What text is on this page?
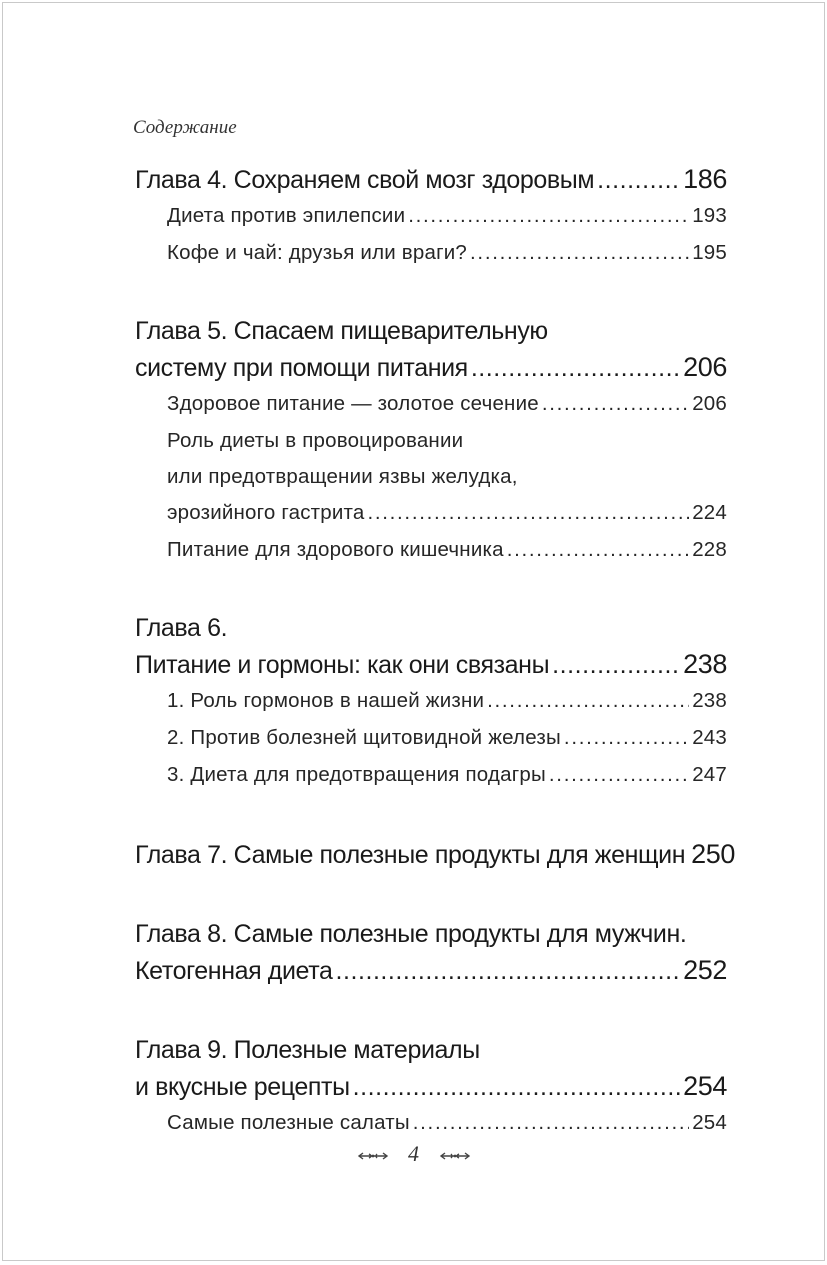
Содержание
Глава 4. Сохраняем свой мозг здоровым . . .	186
Диета против эпилепсии . . .	193
Кофе и чай: друзья или враги? . . .	195
Глава 5. Спасаем пищеварительную
систему при помощи питания . . .	206
Здоровое питание — золотое сечение . . .	206
Роль диеты в провоцировании
или предотвращении язвы желудка,
эрозийного гастрита . . .	224
Питание для здорового кишечника . . .	228
Глава 6.
Питание и гормоны: как они связаны . . .	238
1. Роль гормонов в нашей жизни . . .	238
2. Против болезней щитовидной железы . . .	243
3. Диета для предотвращения подагры . . .	247
Глава 7. Самые полезные продукты для женщин 250
Глава 8. Самые полезные продукты для мужчин.
Кетогенная диета . . .	252
Глава 9. Полезные материалы
и вкусные рецепты . . .	254
Самые полезные салаты . . .	254
4
